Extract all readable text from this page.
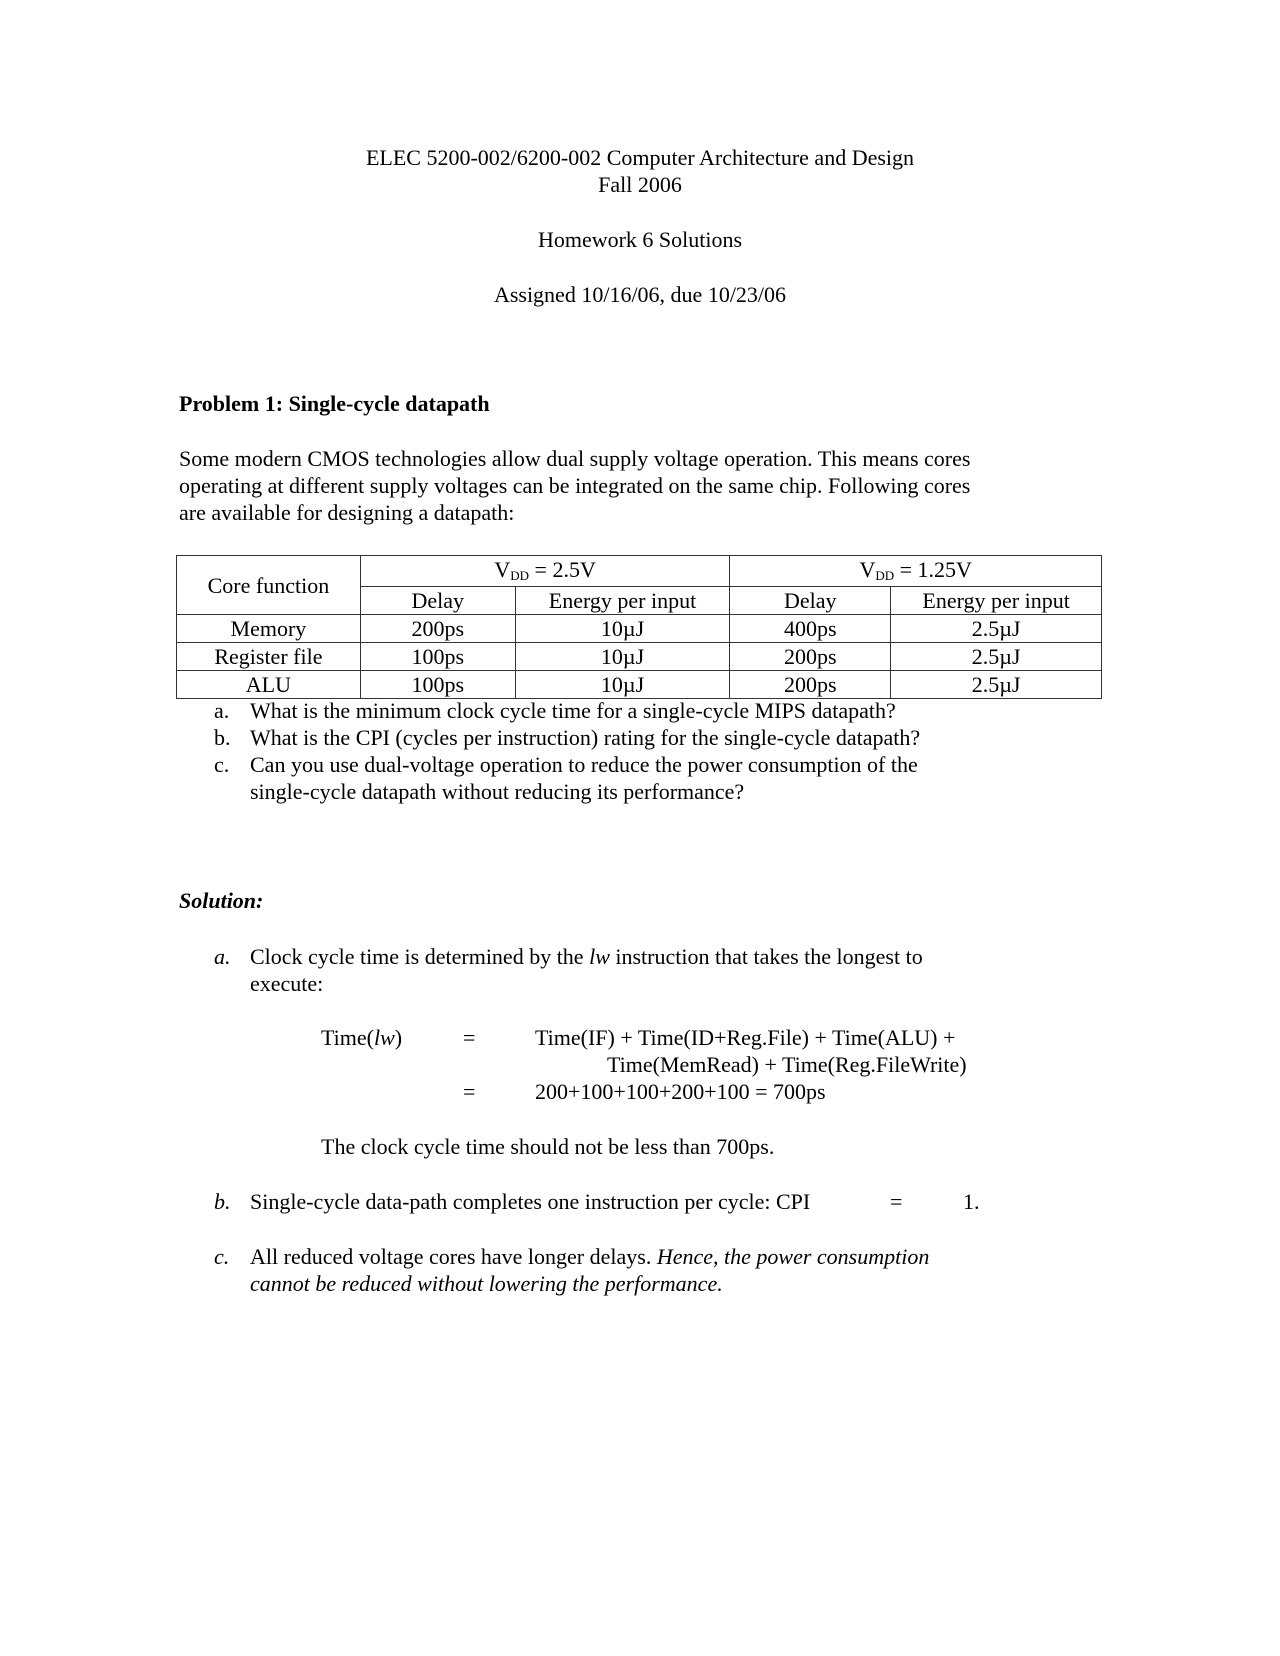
ELEC 5200-002/6200-002 Computer Architecture and Design
Fall 2006
Homework 6 Solutions
Assigned 10/16/06, due 10/23/06
Problem 1: Single-cycle datapath
Some modern CMOS technologies allow dual supply voltage operation. This means cores
operating at different supply voltages can be integrated on the same chip. Following cores
are available for designing a datapath:
Core function	$V_{DD} = 2.5V$		$V_{DD} = 1.25V$	
	Delay	Energy per input	Delay	Energy per input
Memory	200ps	10µJ	400ps	2.5µJ
Register file	100ps	10µJ	200ps	2.5µJ
ALU	100ps	10µJ	200ps	2.5µJ
a. What is the minimum clock cycle time for a single-cycle MIPS datapath?
b. What is the CPI (cycles per instruction) rating for the single-cycle datapath?
c. Can you use dual-voltage operation to reduce the power consumption of the
single-cycle datapath without reducing its performance?
Solution:
a. Clock cycle time is determined by the lw instruction that takes the longest to
execute:
Time(lw)	=	Time(IF) + Time(ID+Reg.File) + Time(ALU) +
Time(MemRead) + Time(Reg.FileWrite)
=	200+100+100+200+100 = 700ps
The clock cycle time should not be less than 700ps.
b. Single-cycle data-path completes one instruction per cycle: CPI	=	1.
c. All reduced voltage cores have longer delays. Hence, the power consumption
cannot be reduced without lowering the performance.
